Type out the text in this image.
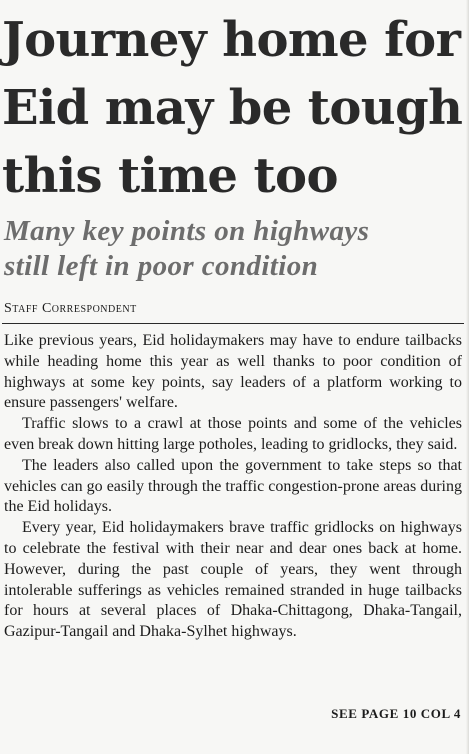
Journey home for
Eid may be tough
this time too
Many key points on highways
still left in poor condition
Staff Correspondent

Like previous years, Eid holidaymakers may have to endure tailbacks while heading home this year as well thanks to poor condition of highways at some key points, say leaders of a platform working to ensure passengers' welfare.

Traffic slows to a crawl at those points and some of the vehicles even break down hitting large potholes, leading to gridlocks, they said.

The leaders also called upon the government to take steps so that vehicles can go easily through the traffic congestion-prone areas during the Eid holidays.

Every year, Eid holidaymakers brave traffic gridlocks on highways to celebrate the festival with their near and dear ones back at home. However, during the past couple of years, they went through intolerable sufferings as vehicles remained stranded in huge tailbacks for hours at several places of Dhaka-Chittagong, Dhaka-Tangail, Gazipur-Tangail and Dhaka-Sylhet highways.

SEE PAGE 10 COL 4
